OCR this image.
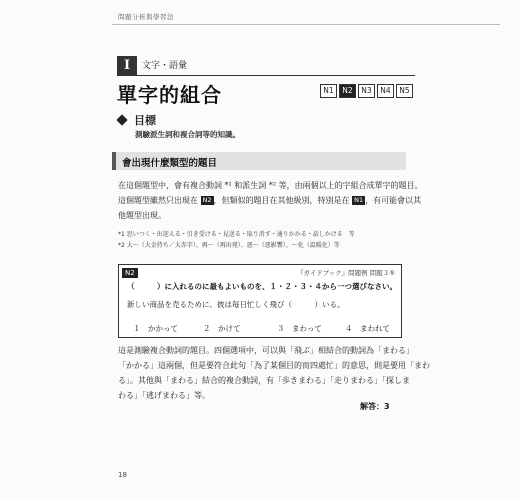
問題分析與學習法
I	文字・語彙
單字的組合	N1	N2	N3	N4	N5
目標
測驗派生詞和複合詞等的知識。
會出現什麼類型的題目
在這個題型中，會有複合動詞 *¹ 和派生詞 *² 等，由兩個以上的字組合成單字的題目。
這個題型雖然只出現在 N2 ，但類似的題目在其他級別，特別是在 N1 ，有可能會以其
他題型出現。
*1 思いつく・出迎える・引き受ける・見送る・取り消す・通りかかる・話しかける　等
*2 大～（大金持ち／大赤字）、再～（再出発）、悪～（悪影響）、～化（温暖化）等
N2	『ガイドブック』問題例 問題３⑤
（　　　）に入れるのに最もよいものを、１・２・３・４から一つ選びなさい。
新しい商品を売るために、彼は毎日忙しく飛び（　　　）いる。
１　かかって	２　かけて	３　まわって	４　まわれて
這是測驗複合動詞的題目。四個選項中，可以與「飛ぶ」相結合的動詞為「まわる」
「かかる」這兩個，但是要符合此句「為了某個目的而四處忙」的意思，則是要用「まわ
る」。其他與「まわる」結合的複合動詞，有「歩きまわる」「走りまわる」「探しま
わる」「逃げまわる」等。
解答：3
18
